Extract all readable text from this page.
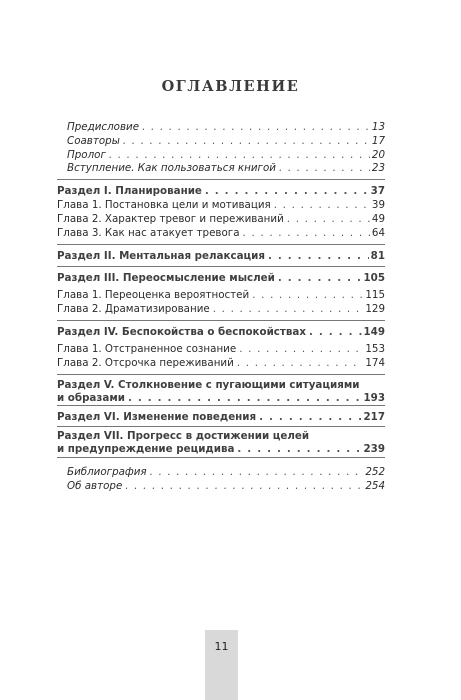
ОГЛАВЛЕНИЕ
Предисловие . . .	13
Соавторы . . .	17
Пролог . . .	20
Вступление. Как пользоваться книгой . . .	23
Раздел I. Планирование . . .	37
Глава 1. Постановка цели и мотивация . . .	39
Глава 2. Характер тревог и переживаний . . .	49
Глава 3. Как нас атакует тревога . . .	64
Раздел II. Ментальная релаксация . . .	81
Раздел III. Переосмысление мыслей . . .	105
Глава 1. Переоценка вероятностей . . .	115
Глава 2. Драматизирование . . .	129
Раздел IV. Беспокойства о беспокойствах . . .	149
Глава 1. Отстраненное сознание . . .	153
Глава 2. Отсрочка переживаний . . .	174
Раздел V. Столкновение с пугающими ситуациями
и образами . . .	193
Раздел VI. Изменение поведения . . .	217
Раздел VII. Прогресс в достижении целей
и предупреждение рецидива . . .	239
Библиография . . .	252
Об авторе . . .	254
11
